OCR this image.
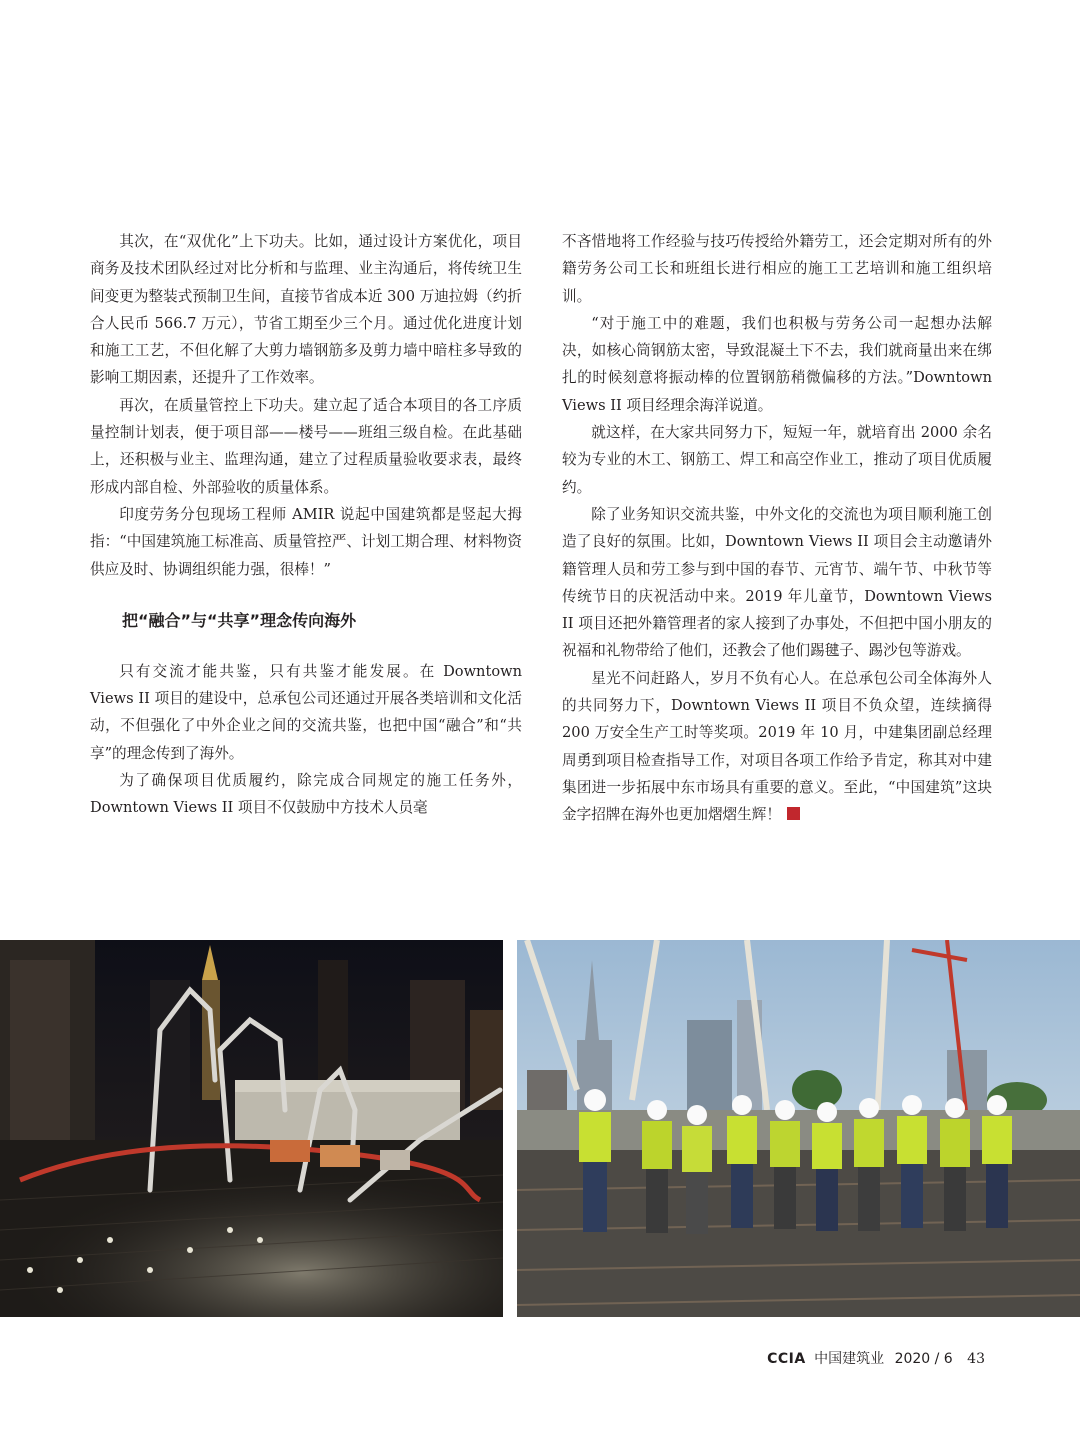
其次，在“双优化”上下功夫。比如，通过设计方案优化，项目商务及技术团队经过对比分析和与监理、业主沟通后，将传统卫生间变更为整装式预制卫生间，直接节省成本近 300 万迪拉姆（约折合人民币 566.7 万元），节省工期至少三个月。通过优化进度计划和施工工艺，不但化解了大剪力墙钢筋多及剪力墙中暗柱多导致的影响工期因素，还提升了工作效率。

再次，在质量管控上下功夫。建立起了适合本项目的各工序质量控制计划表，便于项目部——楼号——班组三级自检。在此基础上，还积极与业主、监理沟通，建立了过程质量验收要求表，最终形成内部自检、外部验收的质量体系。

印度劳务分包现场工程师 AMIR 说起中国建筑都是竖起大拇指：“中国建筑施工标准高、质量管控严、计划工期合理、材料物资供应及时、协调组织能力强，很棒！”

把“融合”与“共享”理念传向海外

只有交流才能共鉴，只有共鉴才能发展。在 Downtown Views II 项目的建设中，总承包公司还通过开展各类培训和文化活动，不但强化了中外企业之间的交流共鉴，也把中国“融合”和“共享”的理念传到了海外。

为了确保项目优质履约，除完成合同规定的施工任务外，Downtown Views II 项目不仅鼓励中方技术人员毫

不吝惜地将工作经验与技巧传授给外籍劳工，还会定期对所有的外籍劳务公司工长和班组长进行相应的施工工艺培训和施工组织培训。

“对于施工中的难题，我们也积极与劳务公司一起想办法解决，如核心筒钢筋太密，导致混凝土下不去，我们就商量出来在绑扎的时候刻意将振动棒的位置钢筋稍微偏移的方法。”Downtown Views II 项目经理余海洋说道。

就这样，在大家共同努力下，短短一年，就培育出 2000 余名较为专业的木工、钢筋工、焊工和高空作业工，推动了项目优质履约。

除了业务知识交流共鉴，中外文化的交流也为项目顺利施工创造了良好的氛围。比如，Downtown Views II 项目会主动邀请外籍管理人员和劳工参与到中国的春节、元宵节、端午节、中秋节等传统节日的庆祝活动中来。2019 年儿童节，Downtown Views II 项目还把外籍管理者的家人接到了办事处，不但把中国小朋友的祝福和礼物带给了他们，还教会了他们踢毽子、踢沙包等游戏。

星光不问赶路人，岁月不负有心人。在总承包公司全体海外人的共同努力下，Downtown Views II 项目不负众望，连续摘得 200 万安全生产工时等奖项。2019 年 10 月，中建集团副总经理周勇到项目检查指导工作，对项目各项工作给予肯定，称其对中建集团进一步拓展中东市场具有重要的意义。至此，“中国建筑”这块金字招牌在海外也更加熠熠生辉！

CCIA 中国建筑业 2020 / 6 43
